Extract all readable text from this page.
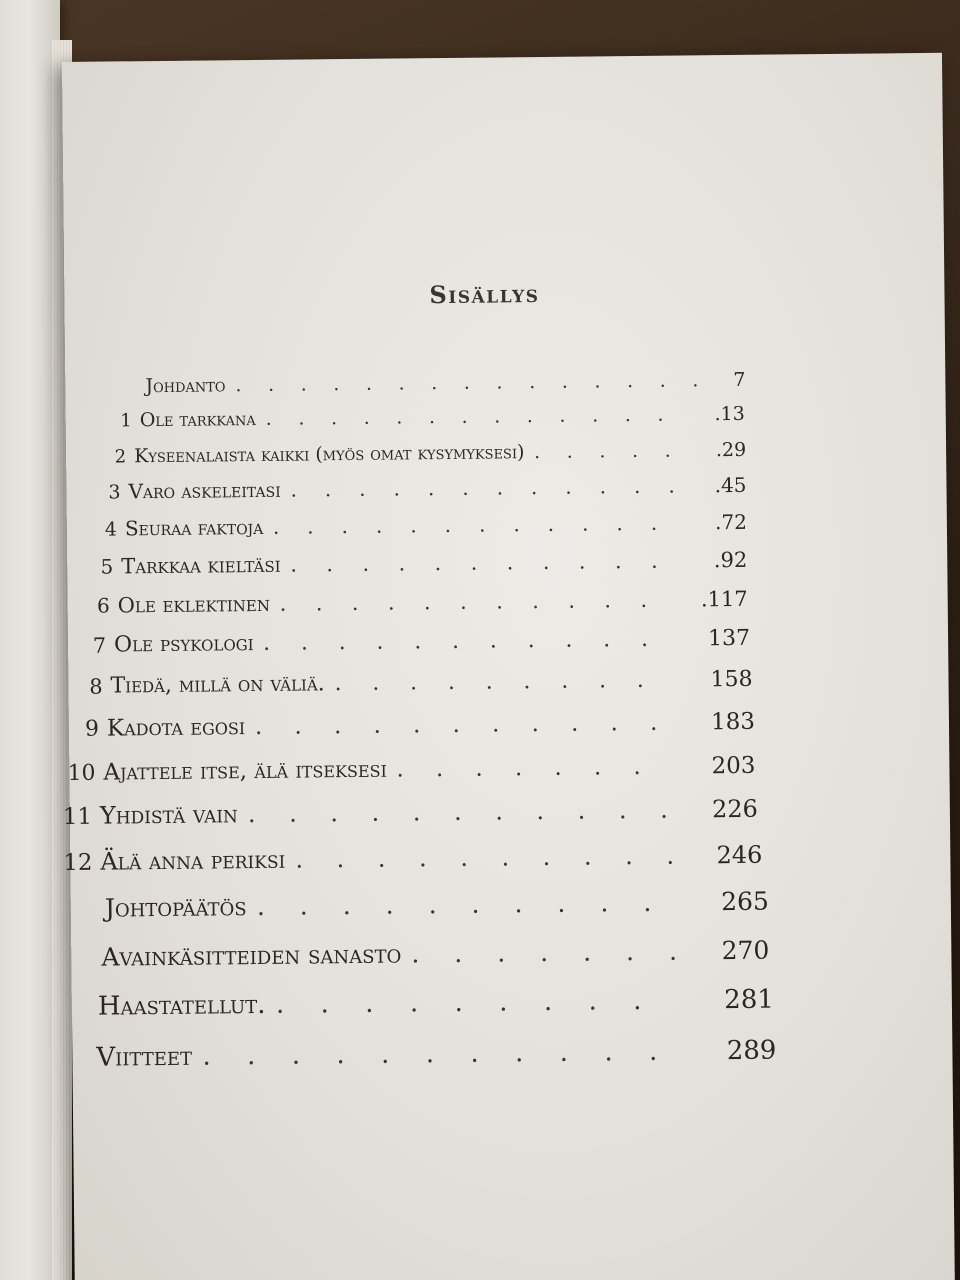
Sisällys
Johdanto ............... 7
1 Ole tarkkana ............. .13
2 Kyseenalaista kaikki (myös omat kysymyksesi) ..... .29
3 Varo askeleitasi ............ .45
4 Seuraa faktoja ............ .72
5 Tarkkaa kieltäsi ........... .92
6 Ole eklektinen ........... .117
7 Ole psykologi ........... 137
8 Tiedä, millä on väliä. ......... 158
9 Kadota egosi ........... 183
10 Ajattele itse, älä itseksesi ....... 203
11 Yhdistä vain ........... 226
12 Älä anna periksi .......... 246
Johtopäätös .......... 265
Avainkäsitteiden sanasto ....... 270
Haastatellut. ......... 281
Viitteet ........... 289
